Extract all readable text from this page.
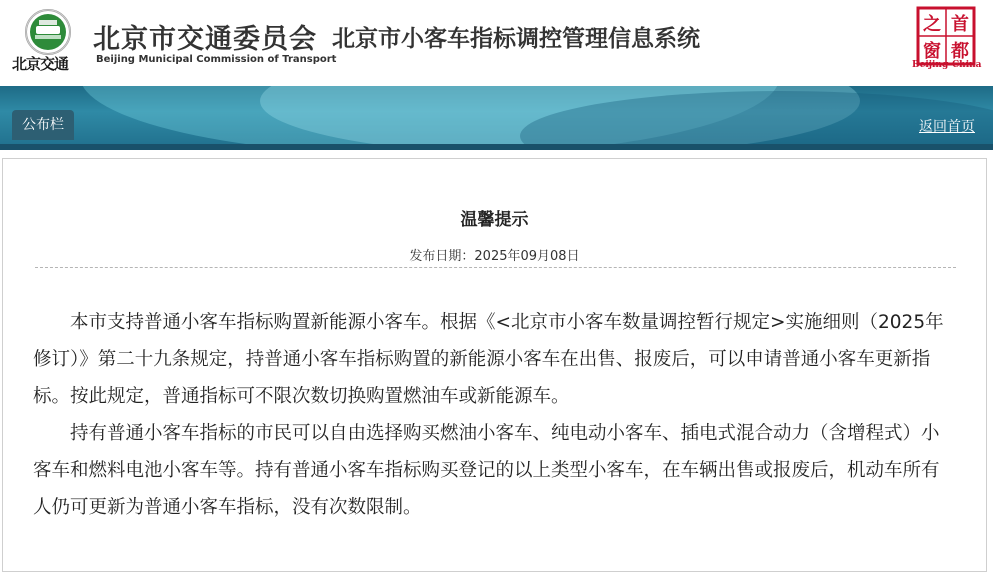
北京交通
北京市交通委员会
Beijing Municipal Commission of Transport
北京市小客车指标调控管理信息系统
之 首
窗 都
Beijing-China
公布栏	返回首页
温馨提示
发布日期：2025年09月08日

本市支持普通小客车指标购置新能源小客车。根据《<北京市小客车数量调控暂行规定>实施细则（2025年修订）》第二十九条规定，持普通小客车指标购置的新能源小客车在出售、报废后，可以申请普通小客车更新指标。按此规定，普通指标可不限次数切换购置燃油车或新能源车。

持有普通小客车指标的市民可以自由选择购买燃油小客车、纯电动小客车、插电式混合动力（含增程式）小客车和燃料电池小客车等。持有普通小客车指标购买登记的以上类型小客车，在车辆出售或报废后，机动车所有人仍可更新为普通小客车指标，没有次数限制。
